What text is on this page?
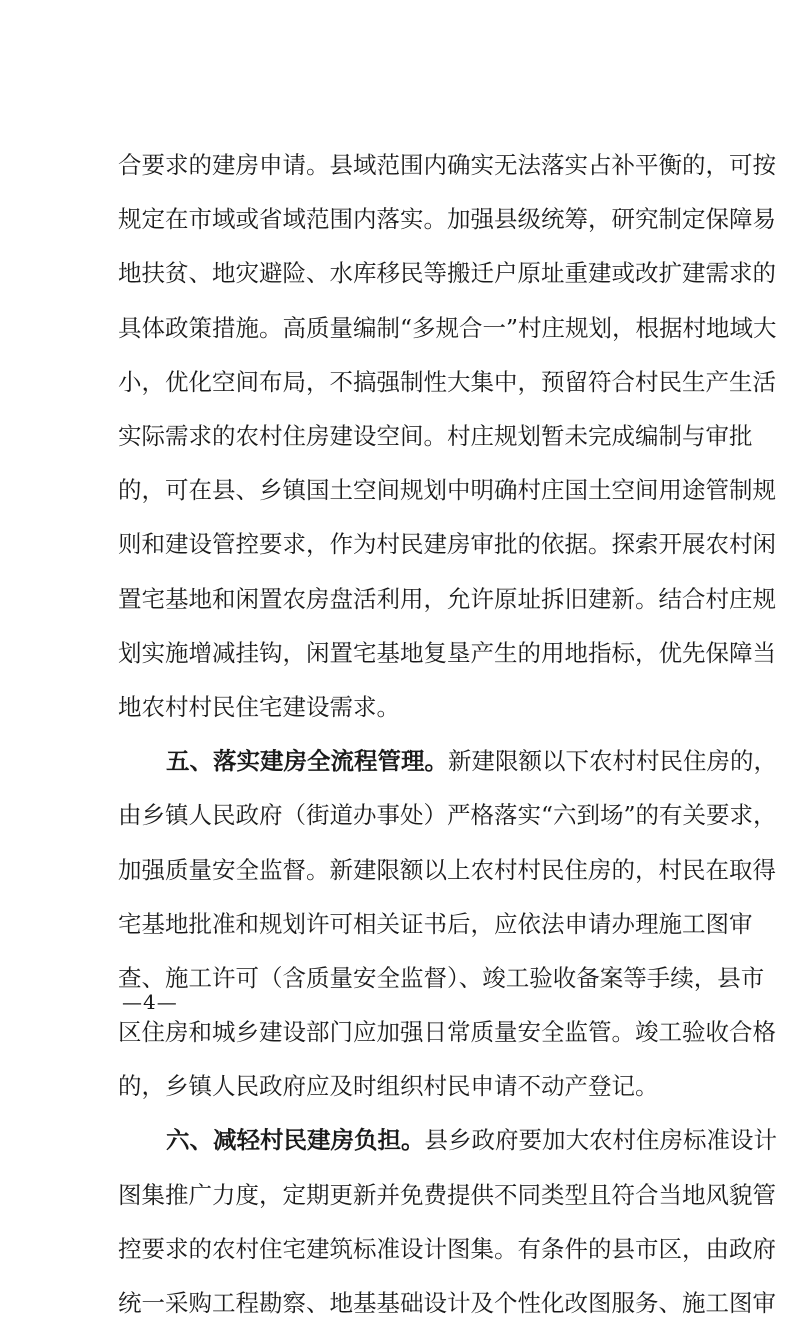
合要求的建房申请。县域范围内确实无法落实占补平衡的，可按
规定在市域或省域范围内落实。加强县级统筹，研究制定保障易
地扶贫、地灾避险、水库移民等搬迁户原址重建或改扩建需求的
具体政策措施。高质量编制“多规合一”村庄规划，根据村地域大
小，优化空间布局，不搞强制性大集中，预留符合村民生产生活
实际需求的农村住房建设空间。村庄规划暂未完成编制与审批
的，可在县、乡镇国土空间规划中明确村庄国土空间用途管制规
则和建设管控要求，作为村民建房审批的依据。探索开展农村闲
置宅基地和闲置农房盘活利用，允许原址拆旧建新。结合村庄规
划实施增减挂钩，闲置宅基地复垦产生的用地指标，优先保障当
地农村村民住宅建设需求。
五、落实建房全流程管理。 新建限额以下农村村民住房的，
由乡镇人民政府（街道办事处）严格落实“六到场”的有关要求，
加强质量安全监督。新建限额以上农村村民住房的，村民在取得
宅基地批准和规划许可相关证书后，应依法申请办理施工图审
查、施工许可（含质量安全监督）、竣工验收备案等手续，县市
区住房和城乡建设部门应加强日常质量安全监管。竣工验收合格
的，乡镇人民政府应及时组织村民申请不动产登记。
六、减轻村民建房负担。 县乡政府要加大农村住房标准设计
图集推广力度，定期更新并免费提供不同类型且符合当地风貌管
控要求的农村住宅建筑标准设计图集。有条件的县市区，由政府
统一采购工程勘察、地基基础设计及个性化改图服务、施工图审
—4—
